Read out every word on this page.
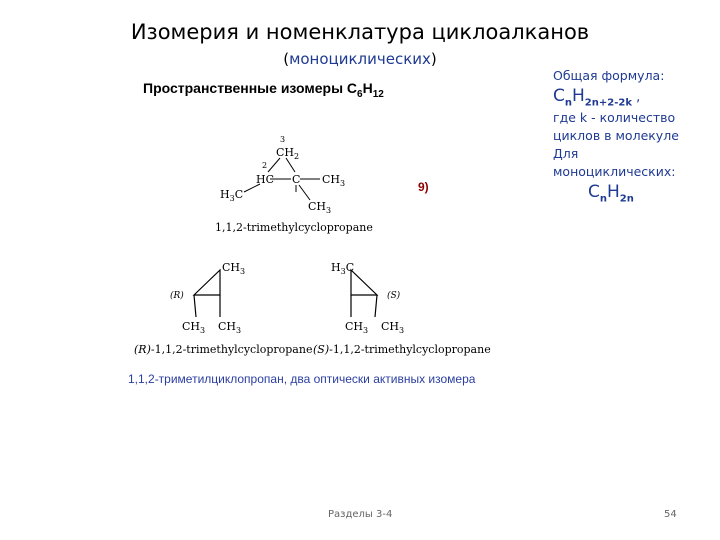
Изомерия и номенклатура циклоалканов
(моноциклических)
Пространственные изомеры $C_6H_{12}$
Общая формула:
$C_nH_{2n+2-2k}$ ,
где k - количество
циклов в молекуле
Для
моноциклических:
$C_nH_{2n}$
9)
3
$CH_2$
2
HC C $CH_3$
$H_3C$
$CH_3$
1,1,2-trimethylcyclopropane
$CH_3$
(R)
$CH_3$ $CH_3$
(R)-1,1,2-trimethylcyclopropane
$H_3C$
(S)
$CH_3$ $CH_3$
(S)-1,1,2-trimethylcyclopropane
1,1,2-триметилциклопропан, два оптически активных изомера
Разделы 3-4	54
